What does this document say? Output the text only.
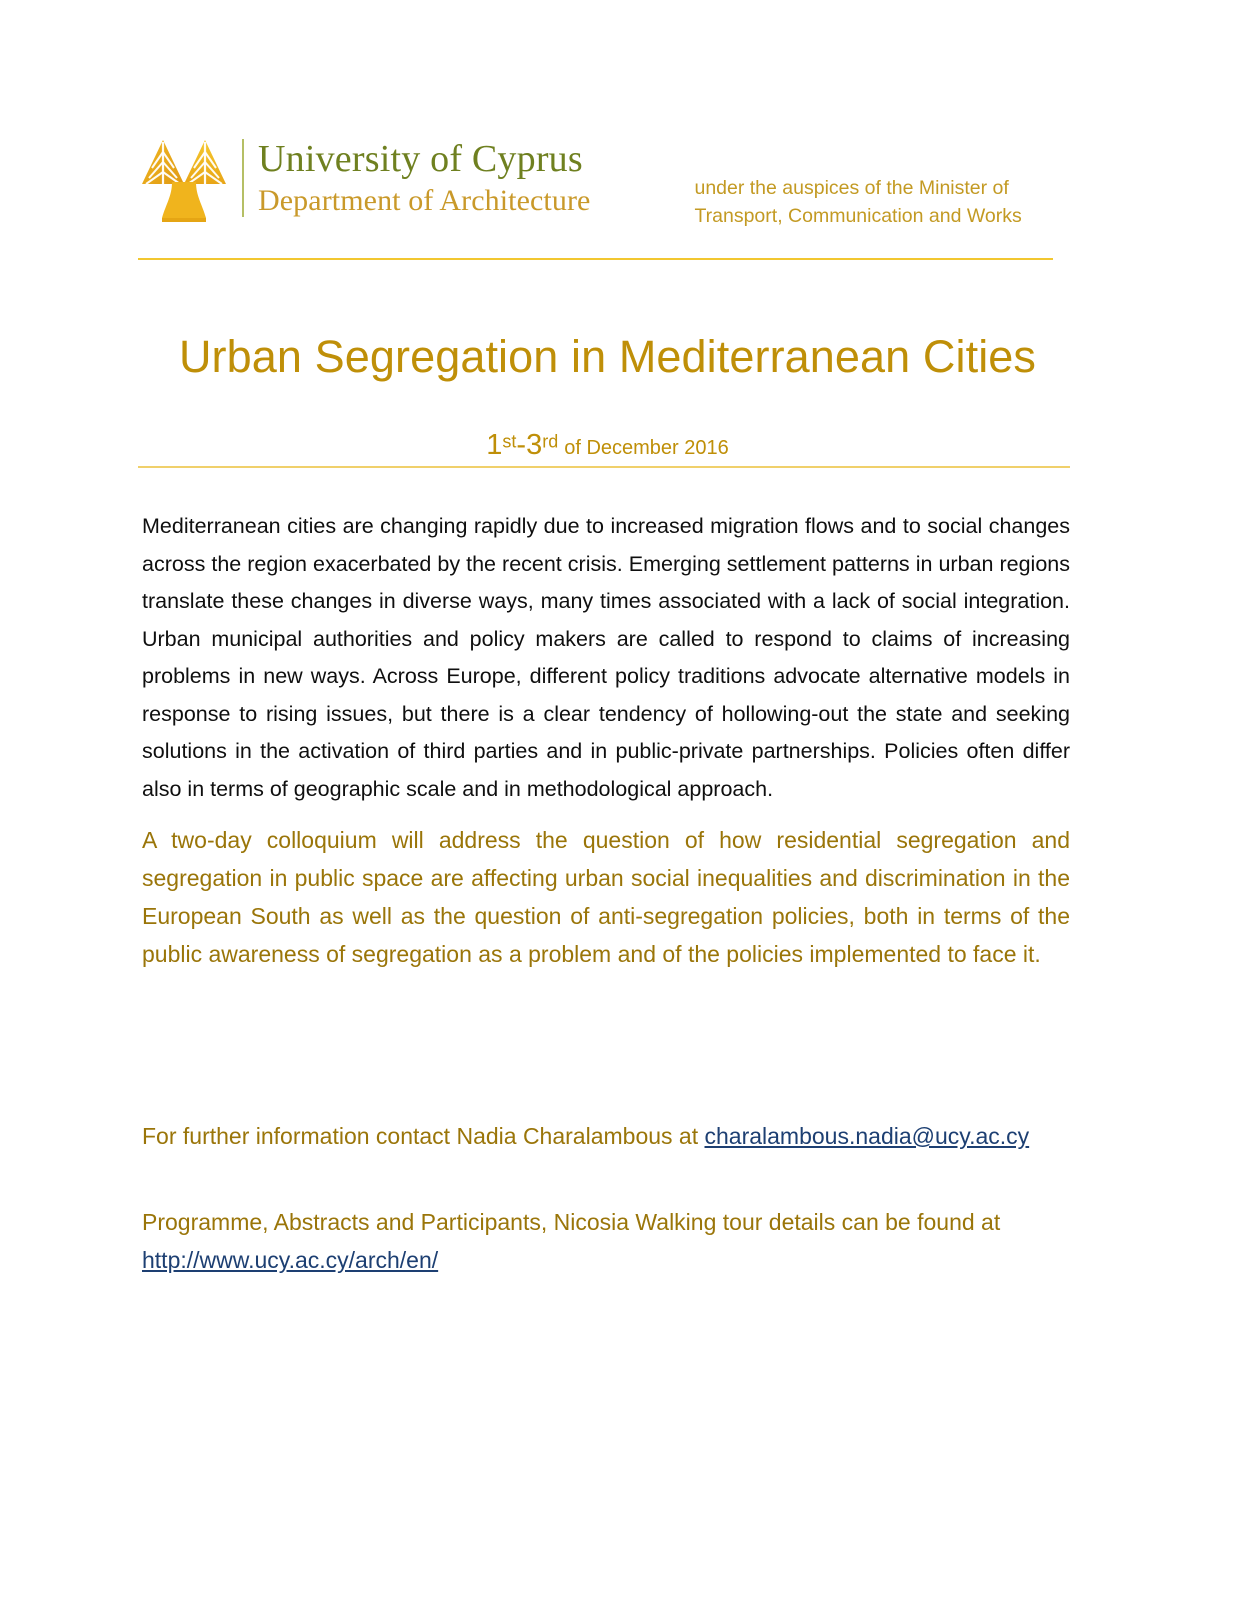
University of Cyprus
Department of Architecture	under the auspices of the Minister of
Transport, Communication and Works
Urban Segregation in Mediterranean Cities
1st-3rd of December 2016
Mediterranean cities are changing rapidly due to increased migration flows and to social changes across the region exacerbated by the recent crisis. Emerging settlement patterns in urban regions translate these changes in diverse ways, many times associated with a lack of social integration. Urban municipal authorities and policy makers are called to respond to claims of increasing problems in new ways. Across Europe, different policy traditions advocate alternative models in response to rising issues, but there is a clear tendency of hollowing-out the state and seeking solutions in the activation of third parties and in public-private partnerships. Policies often differ also in terms of geographic scale and in methodological approach.
A two-day colloquium will address the question of how residential segregation and segregation in public space are affecting urban social inequalities and discrimination in the European South as well as the question of anti-segregation policies, both in terms of the public awareness of segregation as a problem and of the policies implemented to face it.
For further information contact Nadia Charalambous at charalambous.nadia@ucy.ac.cy
Programme, Abstracts and Participants, Nicosia Walking tour details can be found at http://www.ucy.ac.cy/arch/en/
